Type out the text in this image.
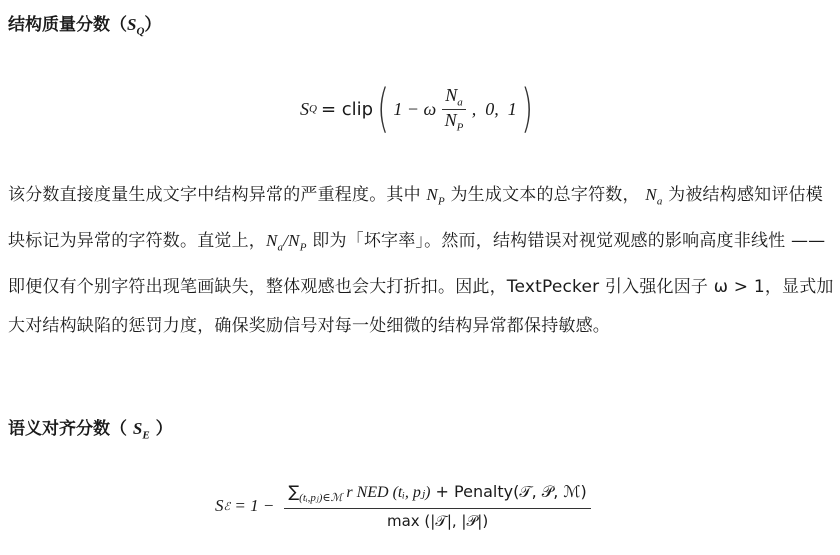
结构质量分数$(S_Q)$
S Q = clip ( 1 − ω $\frac{N_a}{N_P}$ ,  0,  1 )
该分数直接度量生成文字中结构异常的严重程度。其中 $N_P$ 为生成文本的总字符数， $N_a$ 为被结构感知评估模块标记为异常的字符数。直觉上，$N_a/N_P$ 即为「坏字率」。然而，结构错误对视觉观感的影响高度非线性 —— 即便仅有个别字符出现笔画缺失，整体观感也会大打折扣。因此，TextPecker 引入强化因子 ω > 1，显式加大对结构缺陷的惩罚力度，确保奖励信号对每一处细微的结构异常都保持敏感。
语义对齐分数（ $S_E$ ）
S ℰ = $1 - \frac{\sum_{(tᵢ,pⱼ)\in ℳ} r NED (tᵢ, pⱼ) + Penalty(𝒯, 𝒫, ℳ)}{\text{max (|𝒯|, |𝒫|)}}$
